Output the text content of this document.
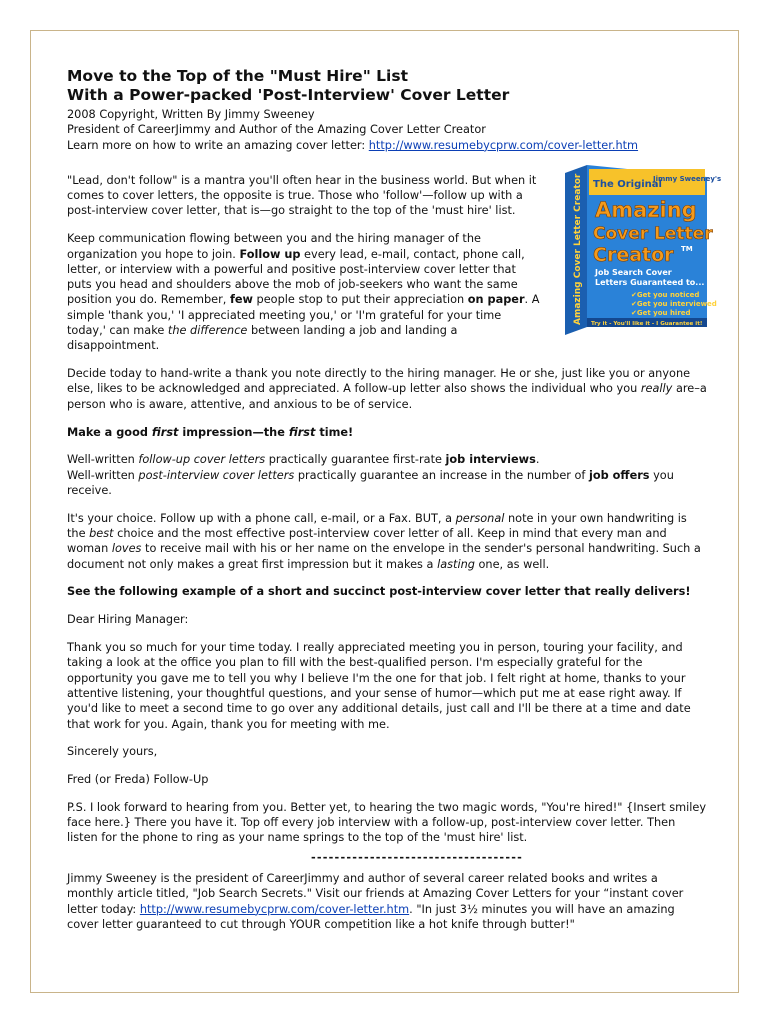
Move to the Top of the "Must Hire" List
With a Power-packed 'Post-Interview' Cover Letter

2008 Copyright, Written By Jimmy Sweeney

President of CareerJimmy and Author of the Amazing Cover Letter Creator

Learn more on how to write an amazing cover letter: http://www.resumebycprw.com/cover-letter.htm

The Original
Jimmy Sweeney's
Amazing
Cover Letter
Creator TM
Job Search Cover
Letters Guaranteed to...
✔Get you noticed
✔Get you interviewed
✔Get you hired
Try it - You'll like it - I Guarantee it!
Amazing Cover Letter Creator

"Lead, don't follow" is a mantra you'll often hear in the business world. But when it comes to cover letters, the opposite is true. Those who 'follow'—follow up with a post-interview cover letter, that is—go straight to the top of the 'must hire' list.

Keep communication flowing between you and the hiring manager of the organization you hope to join. Follow up every lead, e-mail, contact, phone call, letter, or interview with a powerful and positive post-interview cover letter that puts you head and shoulders above the mob of job-seekers who want the same position you do. Remember, few people stop to put their appreciation on paper. A simple 'thank you,' 'I appreciated meeting you,' or 'I'm grateful for your time today,' can make the difference between landing a job and landing a disappointment.

Decide today to hand-write a thank you note directly to the hiring manager. He or she, just like you or anyone else, likes to be acknowledged and appreciated. A follow-up letter also shows the individual who you really are–a person who is aware, attentive, and anxious to be of service.

Make a good first impression—the first time!

Well-written follow-up cover letters practically guarantee first-rate job interviews.
Well-written post-interview cover letters practically guarantee an increase in the number of job offers you receive.

It's your choice. Follow up with a phone call, e-mail, or a Fax. BUT, a personal note in your own handwriting is the best choice and the most effective post-interview cover letter of all. Keep in mind that every man and woman loves to receive mail with his or her name on the envelope in the sender's personal handwriting. Such a document not only makes a great first impression but it makes a lasting one, as well.

See the following example of a short and succinct post-interview cover letter that really delivers!

Dear Hiring Manager:

Thank you so much for your time today. I really appreciated meeting you in person, touring your facility, and taking a look at the office you plan to fill with the best-qualified person. I'm especially grateful for the opportunity you gave me to tell you why I believe I'm the one for that job. I felt right at home, thanks to your attentive listening, your thoughtful questions, and your sense of humor—which put me at ease right away. If you'd like to meet a second time to go over any additional details, just call and I'll be there at a time and date that work for you. Again, thank you for meeting with me.

Sincerely yours,

Fred (or Freda) Follow-Up

P.S. I look forward to hearing from you. Better yet, to hearing the two magic words, "You're hired!" {Insert smiley face here.} There you have it. Top off every job interview with a follow-up, post-interview cover letter. Then listen for the phone to ring as your name springs to the top of the 'must hire' list.

------------------------------------

Jimmy Sweeney is the president of CareerJimmy and author of several career related books and writes a monthly article titled, "Job Search Secrets." Visit our friends at Amazing Cover Letters for your “instant cover letter today: http://www.resumebycprw.com/cover-letter.htm. "In just 3½ minutes you will have an amazing cover letter guaranteed to cut through YOUR competition like a hot knife through butter!"
